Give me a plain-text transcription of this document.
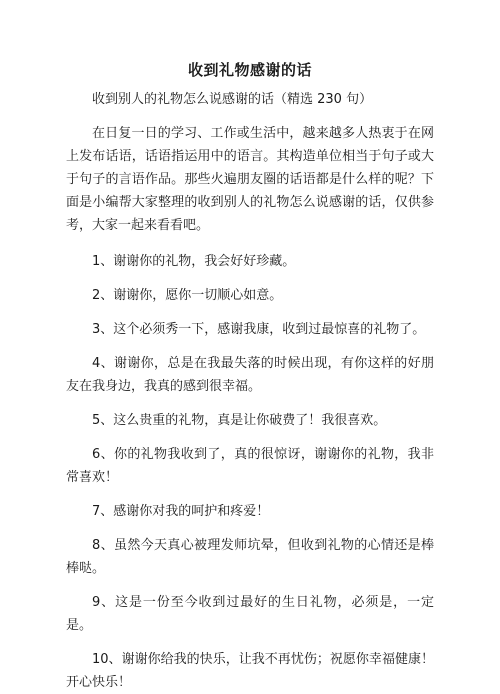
收到礼物感谢的话
收到别人的礼物怎么说感谢的话（精选 230 句）

在日复一日的学习、工作或生活中，越来越多人热衷于在网上发布话语，话语指运用中的语言。其构造单位相当于句子或大于句子的言语作品。那些火遍朋友圈的话语都是什么样的呢？下面是小编帮大家整理的收到别人的礼物怎么说感谢的话，仅供参考，大家一起来看看吧。

1、谢谢你的礼物，我会好好珍藏。

2、谢谢你，愿你一切顺心如意。

3、这个必须秀一下，感谢我康，收到过最惊喜的礼物了。

4、谢谢你，总是在我最失落的时候出现，有你这样的好朋友在我身边，我真的感到很幸福。

5、这么贵重的礼物，真是让你破费了！我很喜欢。

6、你的礼物我收到了，真的很惊讶，谢谢你的礼物，我非常喜欢！

7、感谢你对我的呵护和疼爱！

8、虽然今天真心被理发师坑晕，但收到礼物的心情还是棒棒哒。

9、这是一份至今收到过最好的生日礼物，必须是，一定是。

10、谢谢你给我的快乐，让我不再忧伤；祝愿你幸福健康！开心快乐！
